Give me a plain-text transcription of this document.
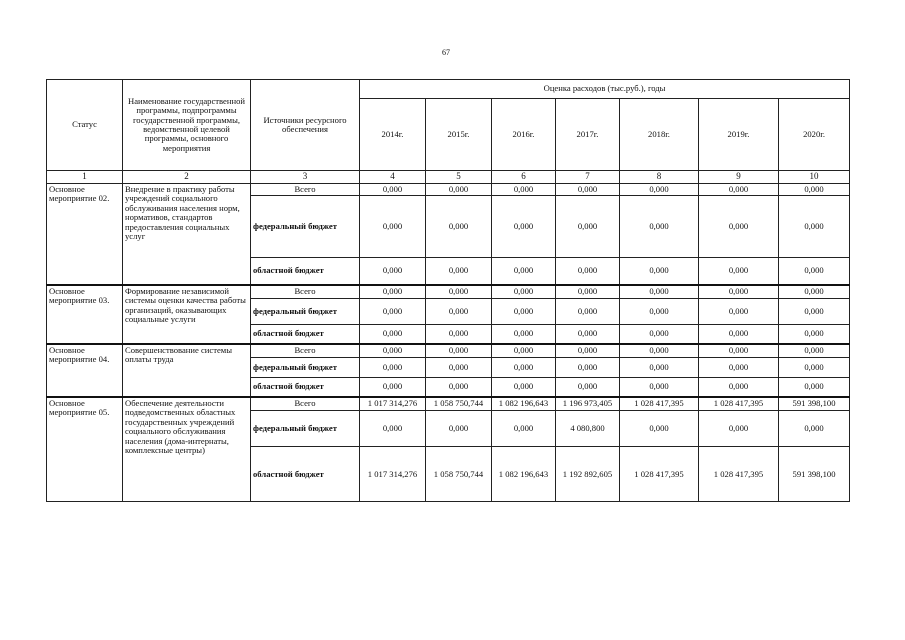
67
Статус	Наименование государственной программы, подпрограммы государственной программы, ведомственной целевой программы, основного мероприятия	Источники ресурсного обеспечения	Оценка расходов (тыс.руб.), годы						
			2014г.	2015г.	2016г.	2017г.	2018г.	2019г.	2020г.
1	2	3	4	5	6	7	8	9	10
Основное мероприятие 02.	Внедрение в практику работы учреждений социального обслуживания населения норм, нормативов, стандартов предоставления социальных услуг	Всего	0,000	0,000	0,000	0,000	0,000	0,000	0,000
		федеральный бюджет	0,000	0,000	0,000	0,000	0,000	0,000	0,000
		областной бюджет	0,000	0,000	0,000	0,000	0,000	0,000	0,000
Основное мероприятие 03.	Формирование независимой системы оценки качества работы организаций, оказывающих социальные услуги	Всего	0,000	0,000	0,000	0,000	0,000	0,000	0,000
		федеральный бюджет	0,000	0,000	0,000	0,000	0,000	0,000	0,000
		областной бюджет	0,000	0,000	0,000	0,000	0,000	0,000	0,000
Основное мероприятие 04.	Совершенствование системы оплаты труда	Всего	0,000	0,000	0,000	0,000	0,000	0,000	0,000
		федеральный бюджет	0,000	0,000	0,000	0,000	0,000	0,000	0,000
		областной бюджет	0,000	0,000	0,000	0,000	0,000	0,000	0,000
Основное мероприятие 05.	Обеспечение деятельности подведомственных областных государственных учреждений социального обслуживания населения (дома-интернаты, комплексные центры)	Всего	1 017 314,276	1 058 750,744	1 082 196,643	1 196 973,405	1 028 417,395	1 028 417,395	591 398,100
		федеральный бюджет	0,000	0,000	0,000	4 080,800	0,000	0,000	0,000
		областной бюджет	1 017 314,276	1 058 750,744	1 082 196,643	1 192 892,605	1 028 417,395	1 028 417,395	591 398,100
